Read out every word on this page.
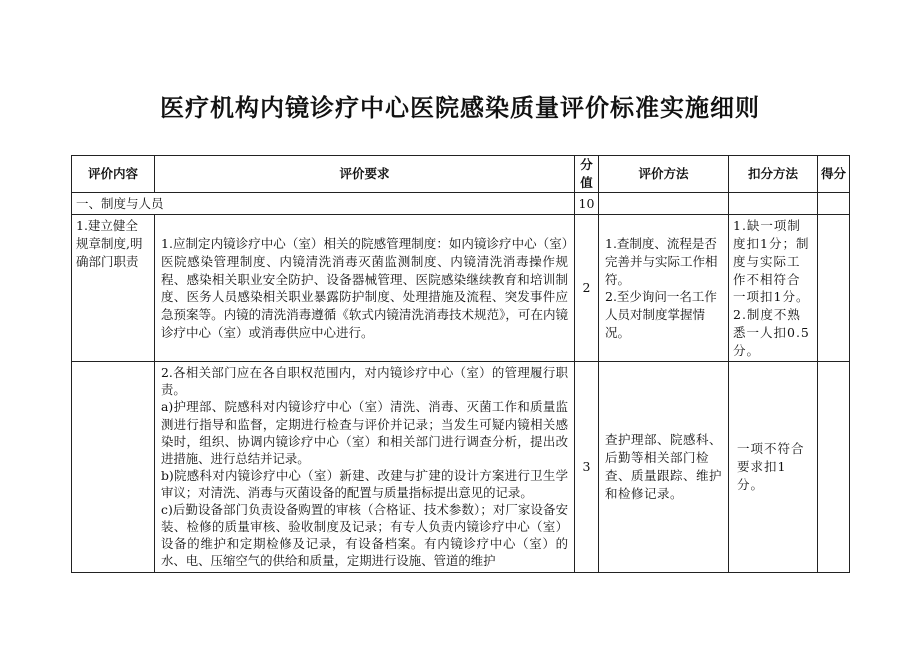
医疗机构内镜诊疗中心医院感染质量评价标准实施细则
评价内容	评价要求	分值	评价方法	扣分方法	得分
一、制度与人员		10			
1.建立健全规章制度,明确部门职责	1.应制定内镜诊疗中心（室）相关的院感管理制度：如内镜诊疗中心（室）医院感染管理制度、内镜清洗消毒灭菌监测制度、内镜清洗消毒操作规程、感染相关职业安全防护、设备器械管理、医院感染继续教育和培训制度、医务人员感染相关职业暴露防护制度、处理措施及流程、突发事件应急预案等。内镜的清洗消毒遵循《软式内镜清洗消毒技术规范》，可在内镜诊疗中心（室）或消毒供应中心进行。	2	1.查制度、流程是否完善并与实际工作相符。
2.至少询问一名工作人员对制度掌握情况。	1.缺一项制度扣1分；制度与实际工作不相符合一项扣1分。
2.制度不熟悉一人扣0.5分。	

	2.各相关部门应在各自职权范围内，对内镜诊疗中心（室）的管理履行职责。
a)护理部、院感科对内镜诊疗中心（室）清洗、消毒、灭菌工作和质量监测进行指导和监督，定期进行检查与评价并记录；当发生可疑内镜相关感染时，组织、协调内镜诊疗中心（室）和相关部门进行调查分析，提出改进措施、进行总结并记录。
b)院感科对内镜诊疗中心（室）新建、改建与扩建的设计方案进行卫生学审议；对清洗、消毒与灭菌设备的配置与质量指标提出意见的记录。
c)后勤设备部门负责设备购置的审核（合格证、技术参数）；对厂家设备安装、检修的质量审核、验收制度及记录；有专人负责内镜诊疗中心（室）设备的维护和定期检修及记录，有设备档案。有内镜诊疗中心（室）的水、电、压缩空气的供给和质量，定期进行设施、管道的维护	3	查护理部、院感科、后勤等相关部门检查、质量跟踪、维护和检修记录。	一项不符合要求扣1分。	
